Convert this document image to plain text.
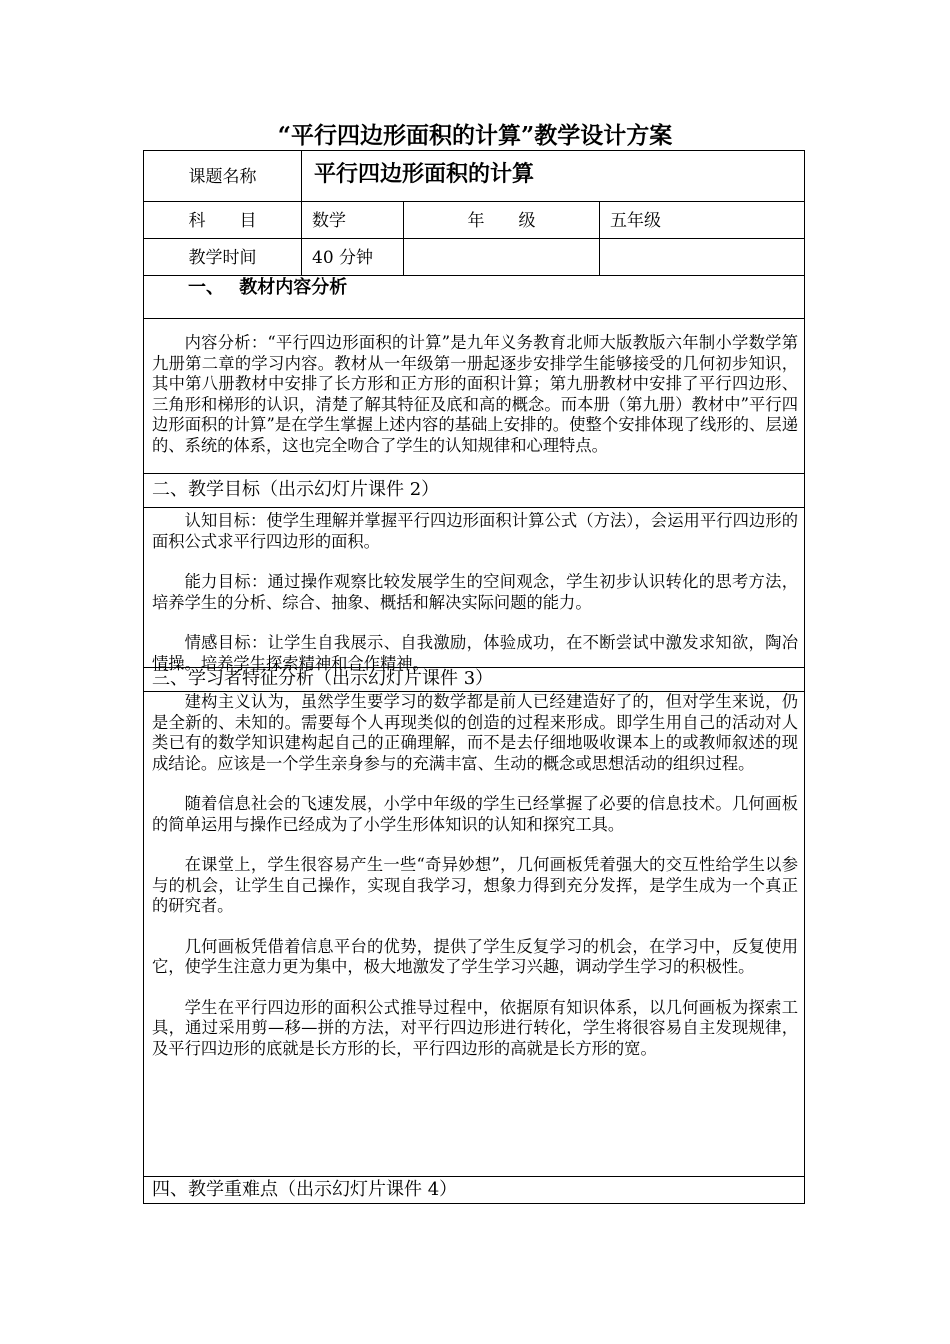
“平行四边形面积的计算”教学设计方案
课题名称	平行四边形面积的计算
科　　目	数学	年　　级	五年级
教学时间	40 分钟
一、　 教材内容分析

内容分析：“平行四边形面积的计算”是九年义务教育北师大版教版六年制小学数学第九册第二章的学习内容。教材从一年级第一册起逐步安排学生能够接受的几何初步知识，其中第八册教材中安排了长方形和正方形的面积计算；第九册教材中安排了平行四边形、三角形和梯形的认识，清楚了解其特征及底和高的概念。而本册（第九册）教材中”平行四边形面积的计算”是在学生掌握上述内容的基础上安排的。使整个安排体现了线形的、层递的、系统的体系，这也完全吻合了学生的认知规律和心理特点。

二、教学目标（出示幻灯片课件 2）

认知目标：使学生理解并掌握平行四边形面积计算公式（方法），会运用平行四边形的面积公式求平行四边形的面积。

能力目标：通过操作观察比较发展学生的空间观念，学生初步认识转化的思考方法，培养学生的分析、综合、抽象、概括和解决实际问题的能力。

情感目标：让学生自我展示、自我激励，体验成功，在不断尝试中激发求知欲，陶冶情操。培养学生探索精神和合作精神。

三、学习者特征分析（出示幻灯片课件 3）

建构主义认为，虽然学生要学习的数学都是前人已经建造好了的，但对学生来说，仍是全新的、未知的。需要每个人再现类似的创造的过程来形成。即学生用自己的活动对人类已有的数学知识建构起自己的正确理解，而不是去仔细地吸收课本上的或教师叙述的现成结论。应该是一个学生亲身参与的充满丰富、生动的概念或思想活动的组织过程。

随着信息社会的飞速发展，小学中年级的学生已经掌握了必要的信息技术。几何画板的简单运用与操作已经成为了小学生形体知识的认知和探究工具。

在课堂上，学生很容易产生一些“奇异妙想”，几何画板凭着强大的交互性给学生以参与的机会，让学生自己操作，实现自我学习，想象力得到充分发挥，是学生成为一个真正的研究者。

几何画板凭借着信息平台的优势，提供了学生反复学习的机会，在学习中，反复使用它，使学生注意力更为集中，极大地激发了学生学习兴趣，调动学生学习的积极性。

学生在平行四边形的面积公式推导过程中，依据原有知识体系，以几何画板为探索工具，通过采用剪—移—拼的方法，对平行四边形进行转化，学生将很容易自主发现规律，及平行四边形的底就是长方形的长，平行四边形的高就是长方形的宽。

四、教学重难点（出示幻灯片课件 4）
